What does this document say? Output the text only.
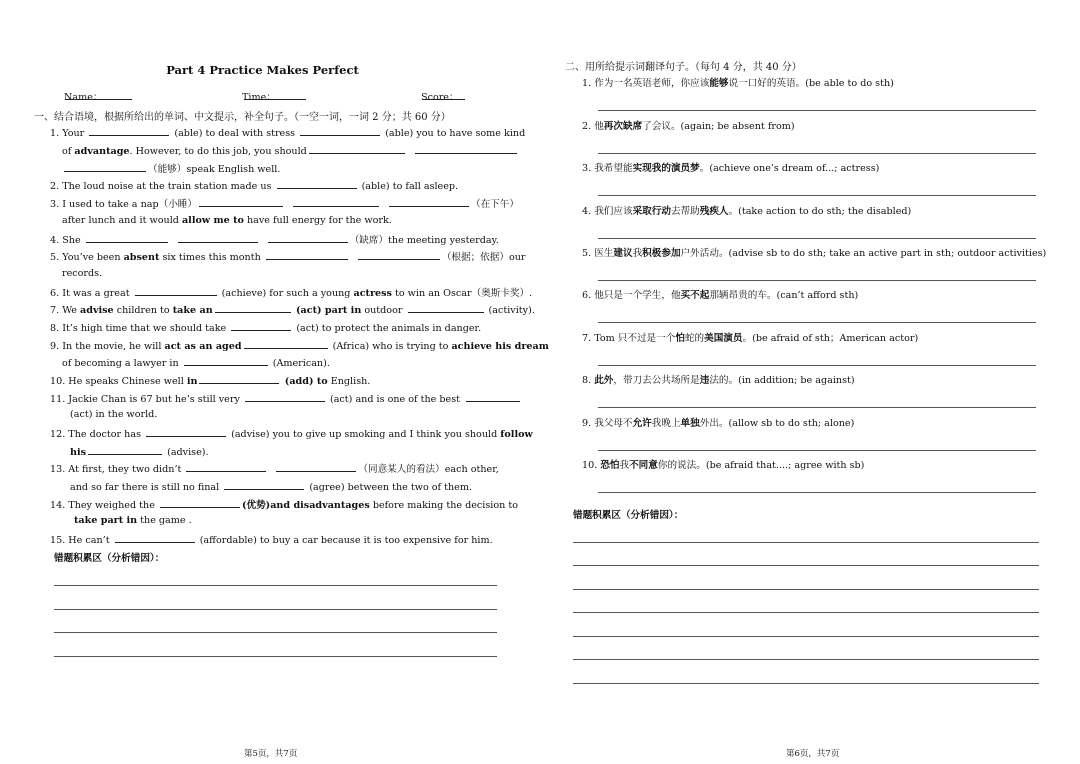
Part 4 Practice Makes Perfect
Name：	Time：	Score：
一、结合语境，根据所给出的单词、中文提示，补全句子。（一空一词，一词 2 分；共 60 分）
1. Your	(able) to deal with stress	(able) you to have some kind
of advantage. However, to do this job, you should
（能够）speak English well.
2. The loud noise at the train station made us	(able) to fall asleep.
3. I used to take a nap（小睡）	（在下午）
after lunch and it would allow me to have full energy for the work.
4. She	（缺席）the meeting yesterday.
5. You’ve been absent six times this month	（根据；依据）our
records.
6. It was a great	(achieve) for such a young actress to win an Oscar（奥斯卡奖）.
7. We advise children to take an	(act) part in outdoor	(activity).
8. It’s high time that we should take	(act) to protect the animals in danger.
9. In the movie, he will act as an aged	(Africa) who is trying to achieve his dream
of becoming a lawyer in	(American).
10. He speaks Chinese well in	(add) to English.
11. Jackie Chan is 67 but he’s still very	(act) and is one of the best
(act) in the world.
12. The doctor has	(advise) you to give up smoking and I think you should follow
his	(advise).
13. At first, they two didn’t	（同意某人的看法）each other,
and so far there is still no final	(agree) between the two of them.
14. They weighed the	(优势)and disadvantages before making the decision to
take part in the game .
15. He can’t	(affordable) to buy a car because it is too expensive for him.
错题积累区（分析错因）：
第5页，共7页
二、用所给提示词翻译句子。（每句 4 分，共 40 分）
1. 作为一名英语老师，你应该能够说一口好的英语。(be able to do sth)
2. 他再次缺席了会议。(again; be absent from)
3. 我希望能实现我的演员梦。(achieve one’s dream of...; actress)
4. 我们应该采取行动去帮助残疾人。(take action to do sth; the disabled)
5. 医生建议我积极参加户外活动。(advise sb to do sth; take an active part in sth; outdoor activities)
6. 他只是一个学生，他买不起那辆昂贵的车。(can’t afford sth)
7. Tom 只不过是一个怕蛇的美国演员。(be afraid of sth；American actor)
8. 此外，带刀去公共场所是违法的。(in addition; be against)
9. 我父母不允许我晚上单独外出。(allow sb to do sth; alone)
10. 恐怕我不同意你的说法。(be afraid that....; agree with sb)
错题积累区（分析错因）：
第6页，共7页
